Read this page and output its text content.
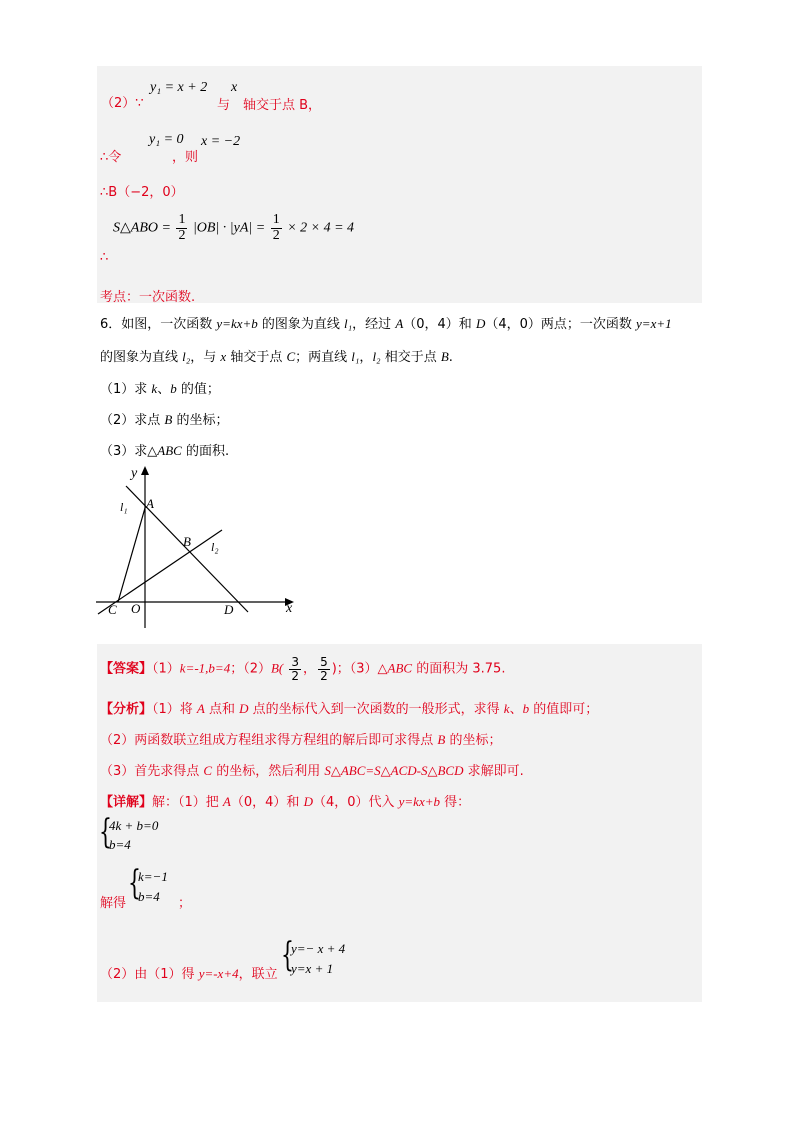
（2）∵
y₁ = x + 2
与
x
轴交于点 B，
∴令
y₁ = 0
，则
x = −2
∴B（−2，0）
S△ABO = $\frac{1}{2} |OB| \cdot |yA| = \frac{1}{2} \times 2 \times 4 = 4$
∴
考点：一次函数.
6．如图，一次函数 y=kx+b 的图象为直线 l₁，经过 A（0，4）和 D（4，0）两点；一次函数 y=x+1
的图象为直线 l₂，与 x 轴交于点 C；两直线 l₁，l₂ 相交于点 B.
（1）求 k、b 的值；
（2）求点 B 的坐标；
（3）求△ABC 的面积.
y
x
A
l₁
B l₂
C O	D
【答案】（1）k=-1,b=4；$(2)B( \frac{3}{2}$ ， $\frac{5}{2}$ )；（3）△ABC 的面积为 3.75.
【分析】（1）将 A 点和 D 点的坐标代入到一次函数的一般形式，求得 k、b 的值即可；
（2）两函数联立组成方程组求得方程组的解后即可求得点 B 的坐标；
（3）首先求得点 C 的坐标，然后利用 S△ABC=S△ACD-S△BCD 求解即可.
【详解】解：（1）把 A（0，4）和 D（4，0）代入 y=kx+b 得：
{
4k + b=0
b=4
解得
{
k=−1
b=4 ；
（2）由（1）得 y=-x+4，联立 {
y=− x + 4
y=x + 1
